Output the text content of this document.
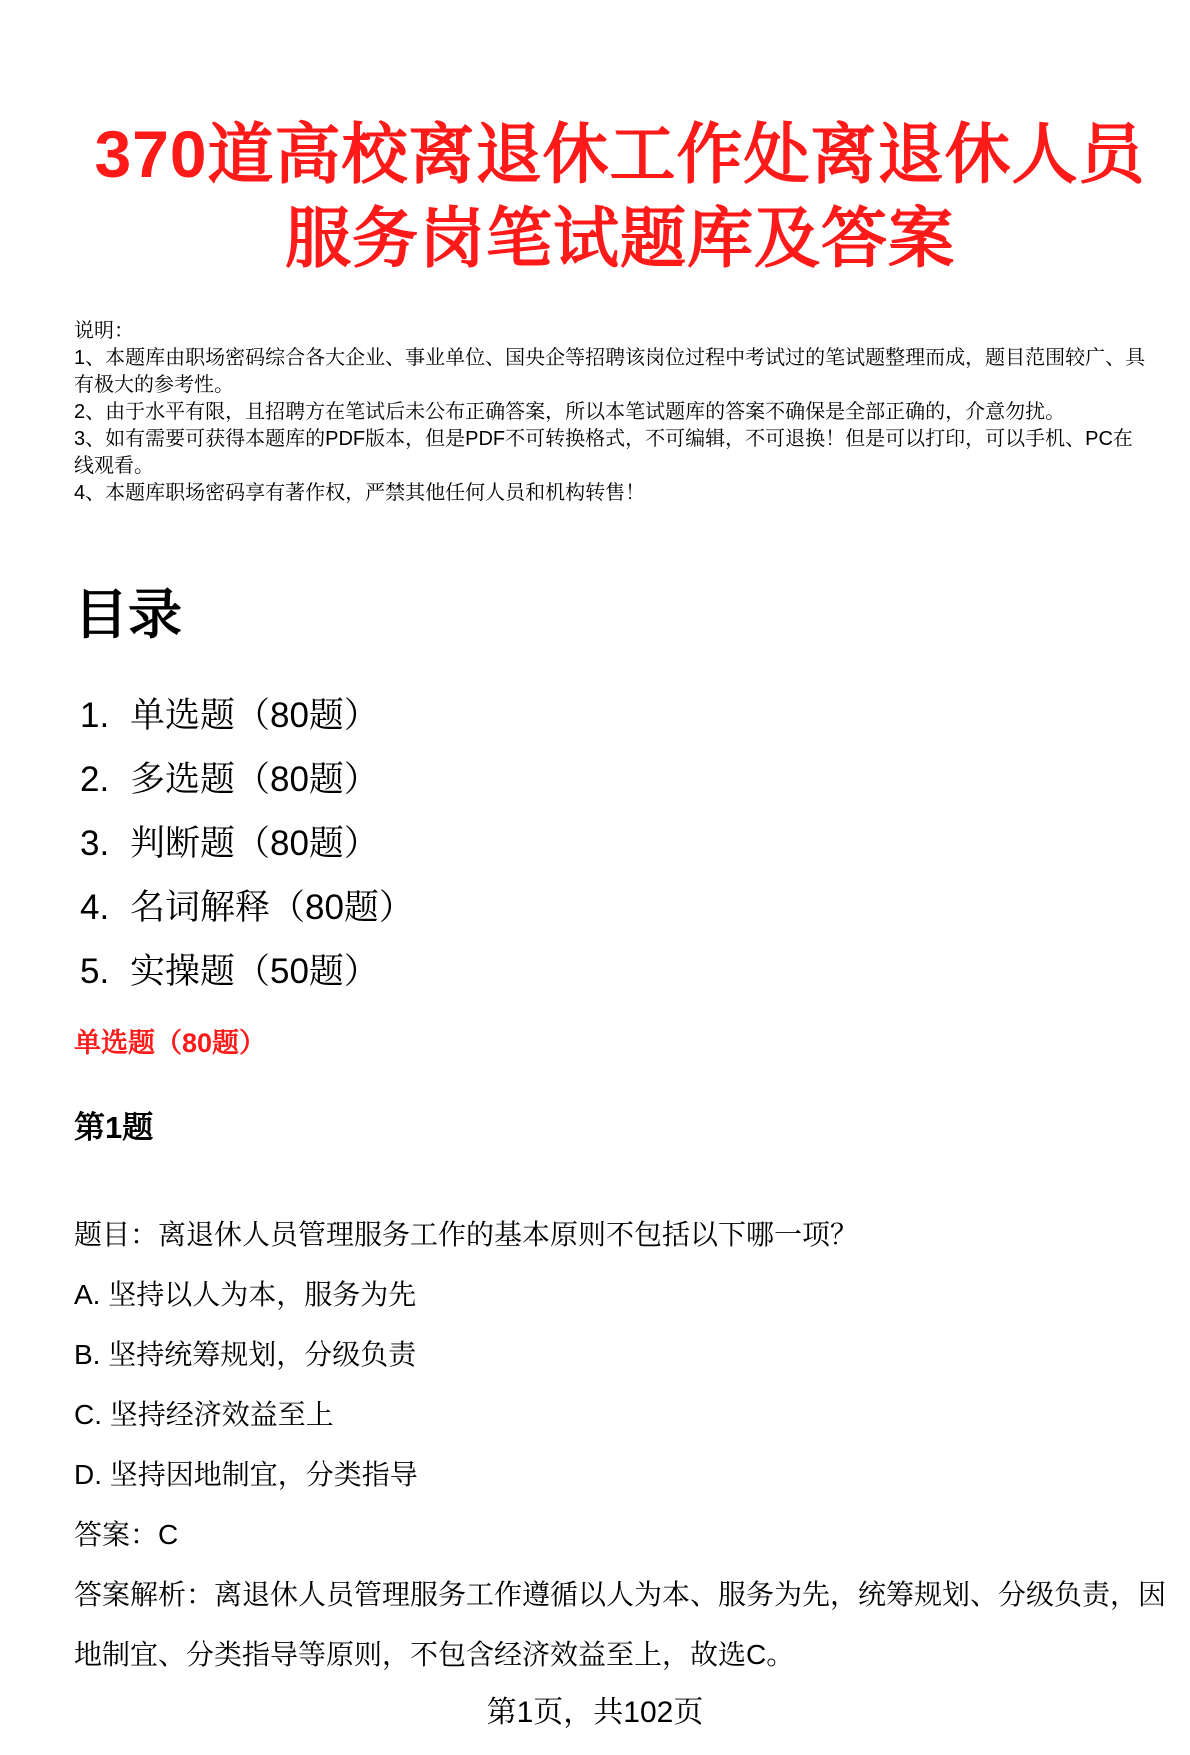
370道高校离退休工作处离退休人员
服务岗笔试题库及答案
说明：
1、本题库由职场密码综合各大企业、事业单位、国央企等招聘该岗位过程中考试过的笔试题整理而成，题目范围较广、具有极大的参考性。
2、由于水平有限，且招聘方在笔试后未公布正确答案，所以本笔试题库的答案不确保是全部正确的，介意勿扰。
3、如有需要可获得本题库的PDF版本，但是PDF不可转换格式，不可编辑，不可退换！但是可以打印，可以手机、PC在线观看。
4、本题库职场密码享有著作权，严禁其他任何人员和机构转售！
目录
1. 单选题（80题）
2. 多选题（80题）
3. 判断题（80题）
4. 名词解释（80题）
5. 实操题（50题）
单选题（80题）
第1题
题目：离退休人员管理服务工作的基本原则不包括以下哪一项？
A. 坚持以人为本，服务为先
B. 坚持统筹规划，分级负责
C. 坚持经济效益至上
D. 坚持因地制宜，分类指导
答案：C
答案解析：离退休人员管理服务工作遵循以人为本、服务为先，统筹规划、分级负责，因地制宜、分类指导等原则，不包含经济效益至上，故选C。
第1页，共102页
